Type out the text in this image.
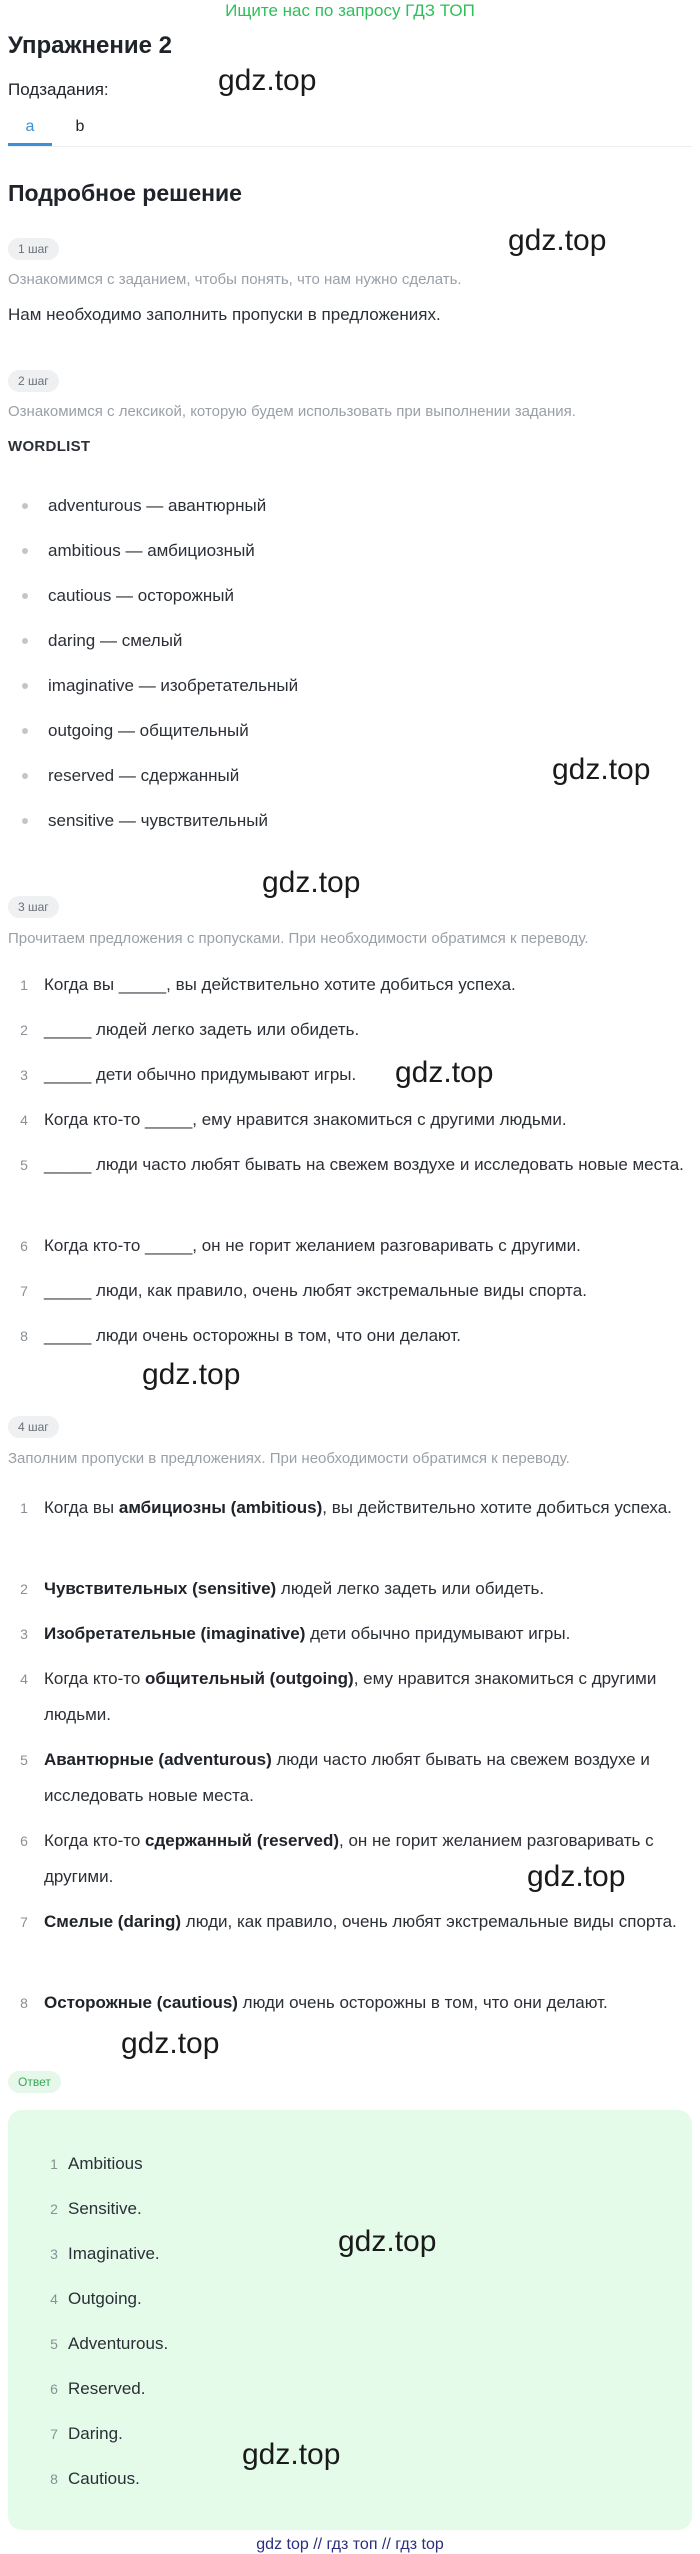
Ищите нас по запросу ГДЗ ТОП
Упражнение 2
Подзадания:
a	b
Подробное решение
1 шаг
Ознакомимся с заданием, чтобы понять, что нам нужно сделать.
Нам необходимо заполнить пропуски в предложениях.
2 шаг
Ознакомимся с лексикой, которую будем использовать при выполнении задания.
WORDLIST
adventurous — авантюрный
ambitious — амбициозный
cautious — осторожный
daring — смелый
imaginative — изобретательный
outgoing — общительный
reserved — сдержанный
sensitive — чувствительный
3 шаг
Прочитаем предложения с пропусками. При необходимости обратимся к переводу.
1 Когда вы _____, вы действительно хотите добиться успеха.
2 _____ людей легко задеть или обидеть.
3 _____ дети обычно придумывают игры.
4 Когда кто-то _____, ему нравится знакомиться с другими людьми.
5 _____ люди часто любят бывать на свежем воздухе и исследовать новые места.
6 Когда кто-то _____, он не горит желанием разговаривать с другими.
7 _____ люди, как правило, очень любят экстремальные виды спорта.
8 _____ люди очень осторожны в том, что они делают.
4 шаг
Заполним пропуски в предложениях. При необходимости обратимся к переводу.
1 Когда вы амбициозны (ambitious), вы действительно хотите добиться успеха.
2 Чувствительных (sensitive) людей легко задеть или обидеть.
3 Изобретательные (imaginative) дети обычно придумывают игры.
4 Когда кто-то общительный (outgoing), ему нравится знакомиться с другими людьми.
5 Авантюрные (adventurous) люди часто любят бывать на свежем воздухе и исследовать новые места.
6 Когда кто-то сдержанный (reserved), он не горит желанием разговаривать с другими.
7 Смелые (daring) люди, как правило, очень любят экстремальные виды спорта.
8 Осторожные (cautious) люди очень осторожны в том, что они делают.
Ответ
1 Ambitious
2 Sensitive.
3 Imaginative.
4 Outgoing.
5 Adventurous.
6 Reserved.
7 Daring.
8 Cautious.
gdz.top
gdz.top
gdz.top
gdz.top
gdz.top
gdz.top
gdz.top
gdz.top
gdz.top
gdz.top
gdz top // гдз топ // гдз top
